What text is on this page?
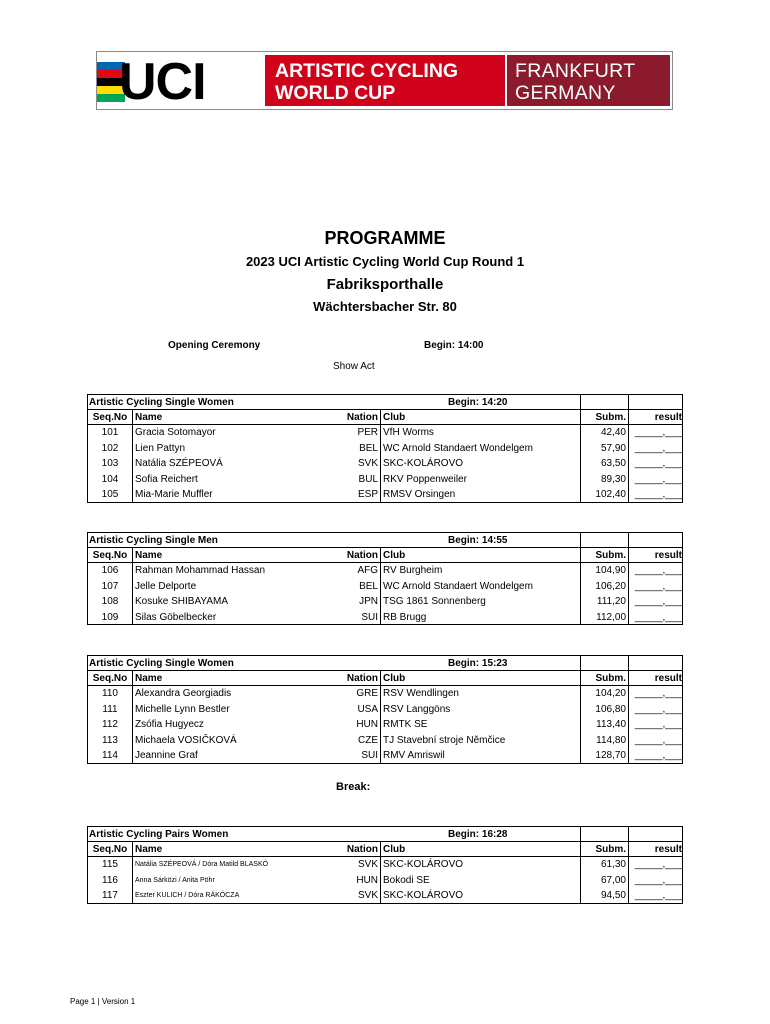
UCI	ARTISTIC CYCLING
WORLD CUP
FRANKFURT
GERMANY
PROGRAMME
2023 UCI Artistic Cycling World Cup Round 1
Fabriksporthalle
Wächtersbacher Str. 80
Opening Ceremony	Begin: 14:00
Show Act
Artistic Cycling Single Women	Begin: 14:20
Seq.No Name	Nation Club	Subm.	result
101	Gracia Sotomayor	PER VfH Worms	42,40 _____,___
102	Lien Pattyn	BEL WC Arnold Standaert Wondelgem	57,90 _____,___
103	Natália SZÉPEOVÁ	SVK SKC-KOLÁROVO	63,50 _____,___
104	Sofia Reichert	BUL RKV Poppenweiler	89,30 _____,___
105	Mia-Marie Muffler	ESP RMSV Orsingen	102,40 _____,___
Artistic Cycling Single Men	Begin: 14:55
Seq.No Name	Nation Club	Subm.	result
106	Rahman Mohammad Hassan	AFG RV Burgheim	104,90 _____,___
107	Jelle Delporte	BEL WC Arnold Standaert Wondelgem	106,20 _____,___
108	Kosuke SHIBAYAMA	JPN TSG 1861 Sonnenberg	111,20 _____,___
109	Silas Göbelbecker	SUI RB Brugg	112,00 _____,___
Artistic Cycling Single Women	Begin: 15:23
Seq.No Name	Nation Club	Subm.	result
110	Alexandra Georgiadis	GRE RSV Wendlingen	104,20 _____,___
111	Michelle Lynn Bestler	USA RSV Langgöns	106,80 _____,___
112	Zsófia Hugyecz	HUN RMTK SE	113,40 _____,___
113	Michaela VOSIČKOVÁ	CZE TJ Stavební stroje Němčice	114,80 _____,___
114	Jeannine Graf	SUI RMV Amriswil	128,70 _____,___
Artistic Cycling Pairs Women	Begin: 16:28
Seq.No Name	Nation Club	Subm.	result
115	Natália SZÉPEOVÁ / Dóra Matild BLASKÓ	SVK SKC-KOLÁROVO	61,30 _____,___
116	Anna Sárközi / Anita Pöhr	HUN Bokodi SE	67,00 _____,___
117	Eszter KULICH / Dóra RÁKÓCZA	SVK SKC-KOLÁROVO	94,50 _____,___
Break:
Page 1 | Version 1
